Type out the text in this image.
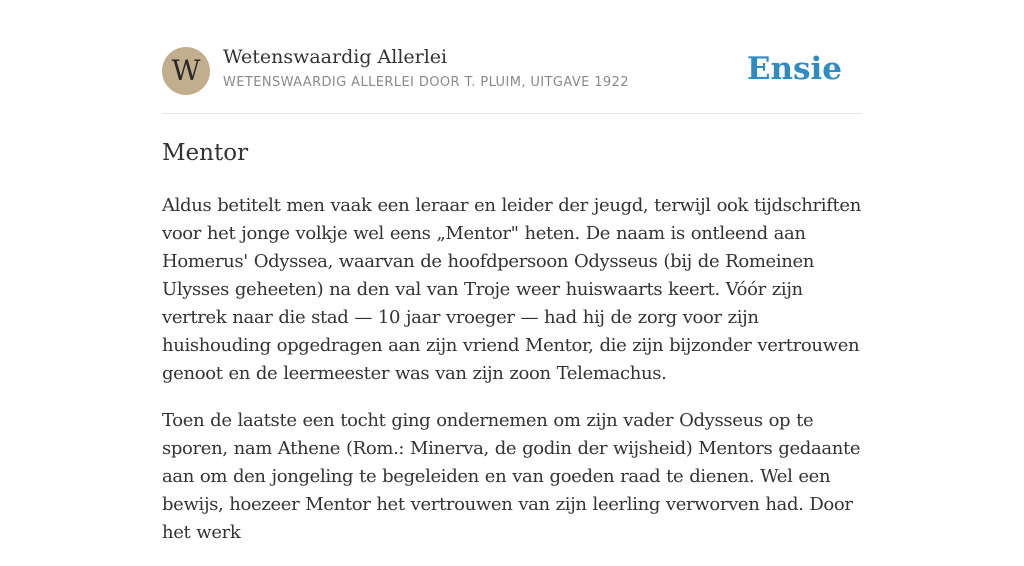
W	Wetenswaardig Allerlei
WETENSWAARDIG ALLERLEI DOOR T. PLUIM, UITGAVE 1922	Ensie
Mentor

Aldus betitelt men vaak een leraar en leider der jeugd, terwijl ook tijdschriften voor het jonge volkje wel eens „Mentor" heten. De naam is ontleend aan Homerus' Odyssea, waarvan de hoofdpersoon Odysseus (bij de Romeinen Ulysses geheeten) na den val van Troje weer huiswaarts keert. Vóór zijn vertrek naar die stad — 10 jaar vroeger — had hij de zorg voor zijn huishouding opgedragen aan zijn vriend Mentor, die zijn bijzonder vertrouwen genoot en de leermeester was van zijn zoon Telemachus.

Toen de laatste een tocht ging ondernemen om zijn vader Odysseus op te sporen, nam Athene (Rom.: Minerva, de godin der wijsheid) Mentors gedaante aan om den jongeling te begeleiden en van goeden raad te dienen. Wel een bewijs, hoezeer Mentor het vertrouwen van zijn leerling verworven had. Door het werk
